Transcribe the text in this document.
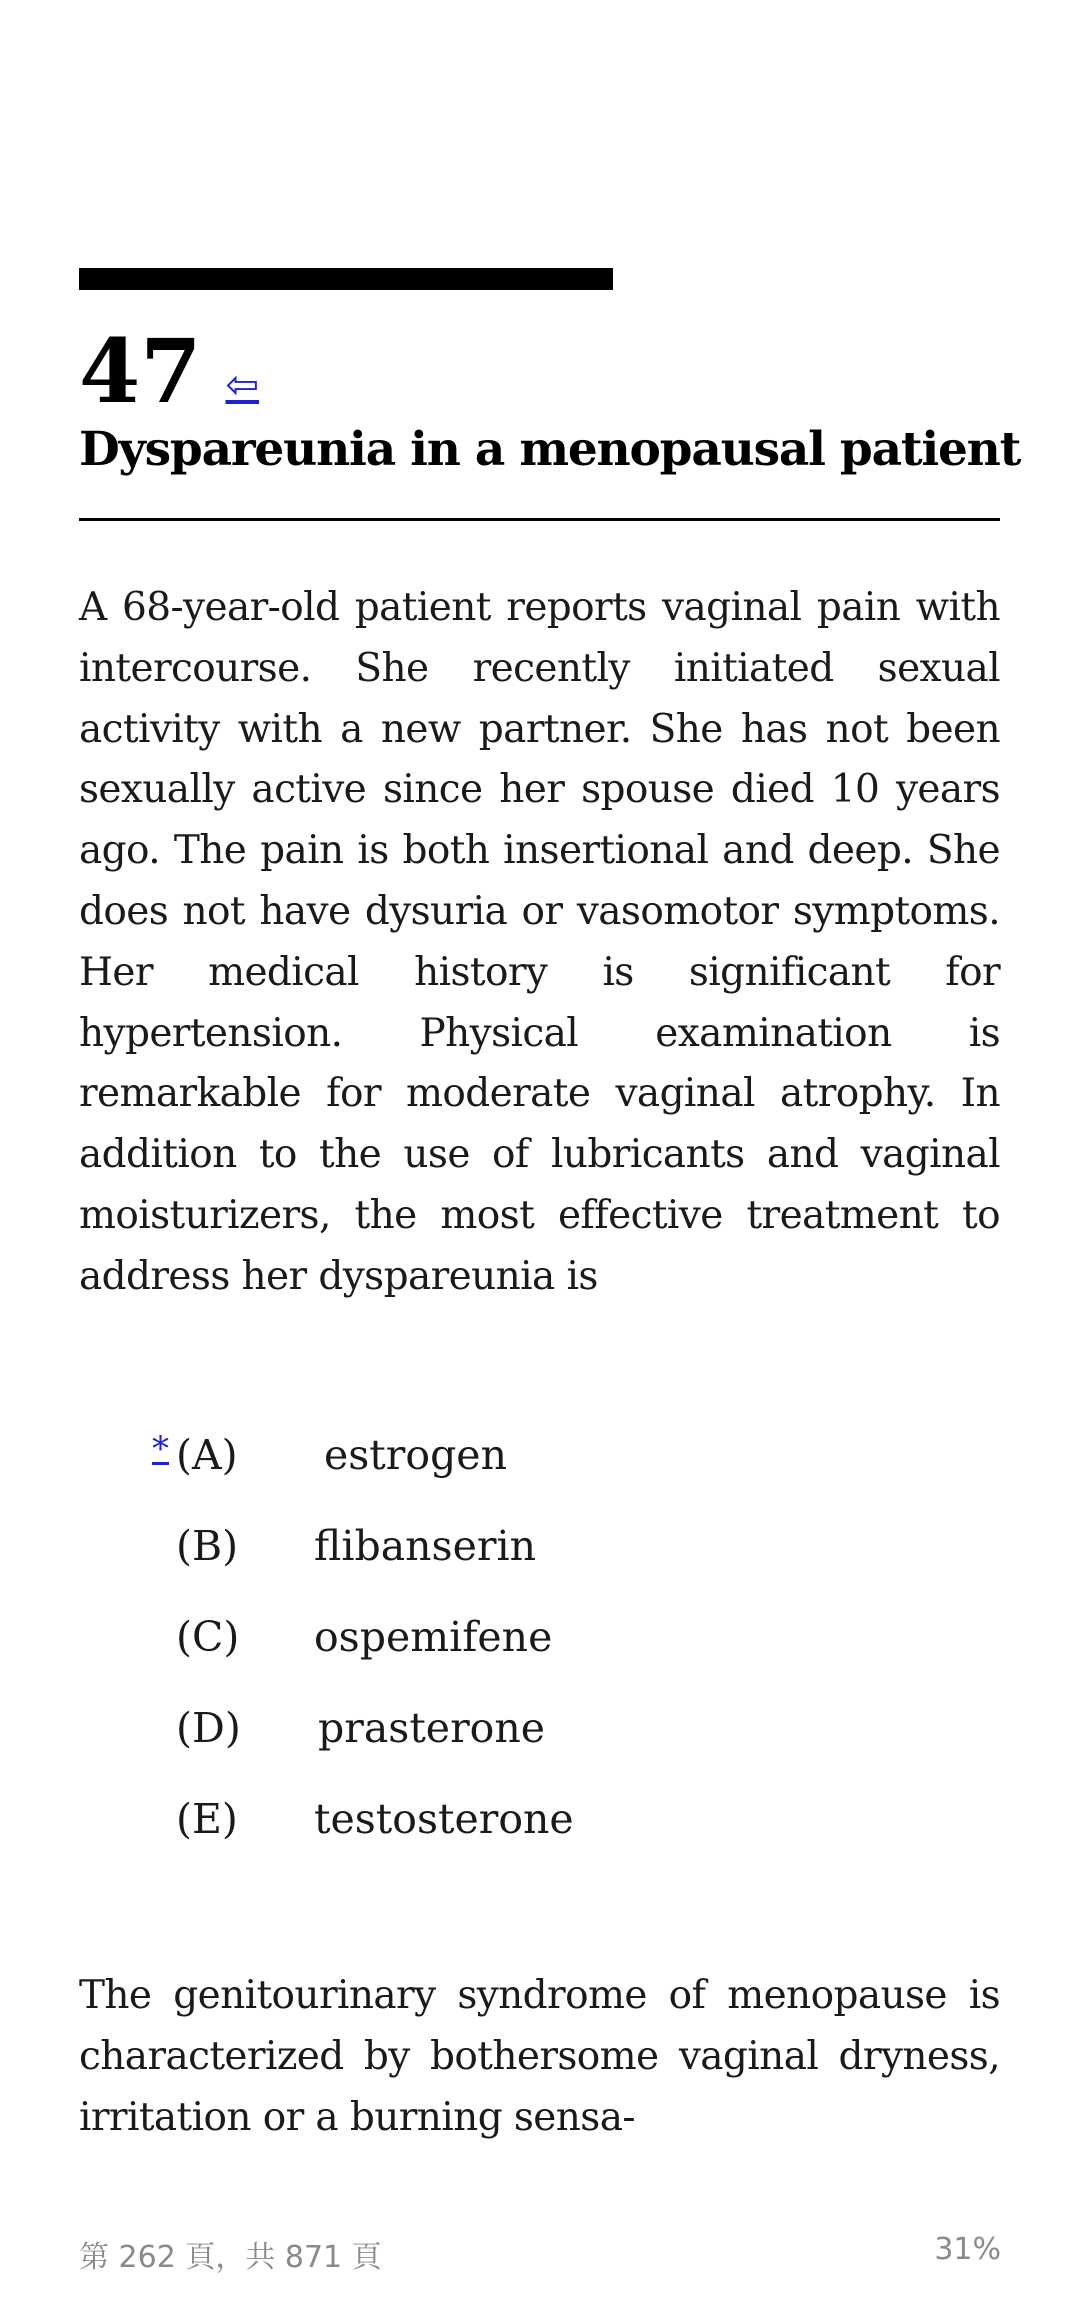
47 ⇦
Dyspareunia in a menopausal patient
A 68-year-old patient reports vaginal pain with intercourse. She recently initiated sexual activity with a new partner. She has not been sexually active since her spouse died 10 years ago. The pain is both insertional and deep. She does not have dysuria or vasomotor symptoms. Her medical history is significant for hypertension. Physical examination is remarkable for moderate vaginal atrophy. In addition to the use of lubricants and vaginal moisturizers, the most effective treatment to address her dyspareunia is
* (A) estrogen
(B) flibanserin
(C) ospemifene
(D) prasterone
(E) testosterone
The genitourinary syndrome of menopause is characterized by bothersome vaginal dryness, irritation or a burning sensa-
第 262 頁，共 871 頁	31%
